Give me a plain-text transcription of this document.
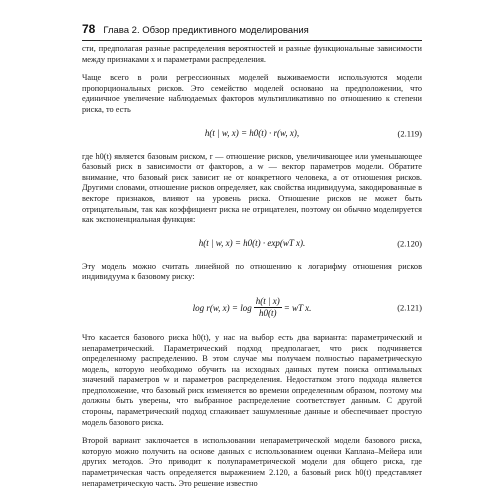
78 Глава 2. Обзор предиктивного моделирования

сти, предполагая разные распределения вероятностей и разные функциональные зависимости между признаками x и параметрами распределения.

Чаще всего в роли регрессионных моделей выживаемости используются модели пропорциональных рисков. Это семейство моделей основано на предположении, что единичное увеличение наблюдаемых факторов мультипликативно по отношению к степени риска, то есть

h(t | w, x) = h0(t) · r(w, x),	(2.119)

где h0(t) является базовым риском, r — отношение рисков, увеличивающее или уменьшающее базовый риск в зависимости от факторов, а w — вектор параметров модели. Обратите внимание, что базовый риск зависит не от конкретного человека, а от отношения рисков. Другими словами, отношение рисков определяет, как свойства индивидуума, закодированные в векторе признаков, влияют на уровень риска. Отношение рисков не может быть отрицательным, так как коэффициент риска не отрицателен, поэтому он обычно моделируется как экспоненциальная функция:

h(t | w, x) = h0(t) · exp(wT x).	(2.120)

Эту модель можно считать линейной по отношению к логарифму отношения рисков индивидуума к базовому риску:

log r(w, $x) = \log \frac{h(t | x)}{h0(t)}$ = wT x.	(2.121)

Что касается базового риска h0(t), у нас на выбор есть два варианта: параметрический и непараметрический. Параметрический подход предполагает, что риск подчиняется определенному распределению. В этом случае мы получаем полностью параметрическую модель, которую необходимо обучить на исходных данных путем поиска оптимальных значений параметров w и параметров распределения. Недостатком этого подхода является предположение, что базовый риск изменяется во времени определенным образом, поэтому мы должны быть уверены, что выбранное распределение соответствует данным. С другой стороны, параметрический подход сглаживает зашумленные данные и обеспечивает простую модель базового риска.

Второй вариант заключается в использовании непараметрической модели базового риска, которую можно получить на основе данных с использованием оценки Каплана–Мейера или других методов. Это приводит к полупараметрической модели для общего риска, где параметрическая часть определяется выражением 2.120, а базовый риск h0(t) представляет непараметрическую часть. Это решение известно
